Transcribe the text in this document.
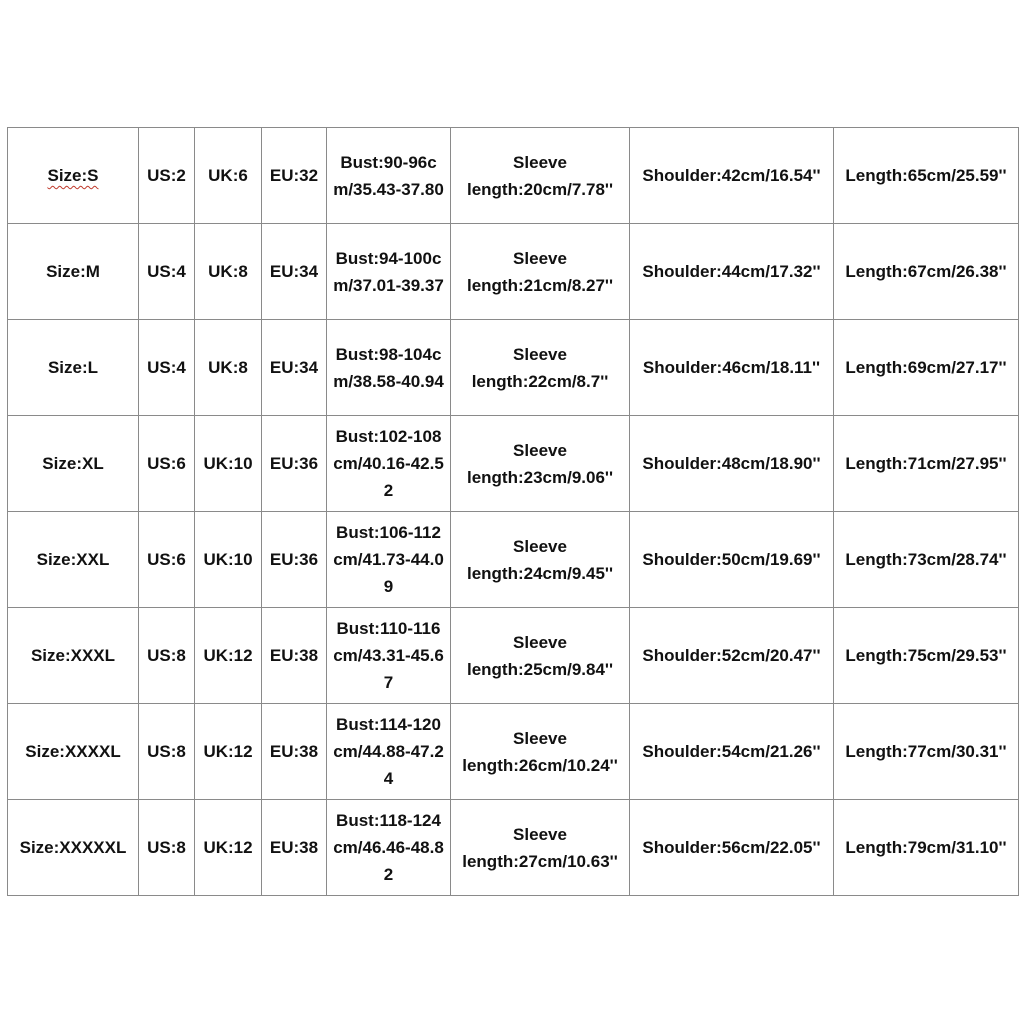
Size:S	US:2	UK:6	EU:32	Bust:90-96cm/35.43-37.80	Sleeve length:20cm/7.78''	Shoulder:42cm/16.54''	Length:65cm/25.59''
Size:M	US:4	UK:8	EU:34	Bust:94-100cm/37.01-39.37	Sleeve length:21cm/8.27''	Shoulder:44cm/17.32''	Length:67cm/26.38''
Size:L	US:4	UK:8	EU:34	Bust:98-104cm/38.58-40.94	Sleeve length:22cm/8.7''	Shoulder:46cm/18.11''	Length:69cm/27.17''
Size:XL	US:6	UK:10	EU:36	Bust:102-108cm/40.16-42.52	Sleeve length:23cm/9.06''	Shoulder:48cm/18.90''	Length:71cm/27.95''
Size:XXL	US:6	UK:10	EU:36	Bust:106-112cm/41.73-44.09	Sleeve length:24cm/9.45''	Shoulder:50cm/19.69''	Length:73cm/28.74''
Size:XXXL	US:8	UK:12	EU:38	Bust:110-116cm/43.31-45.67	Sleeve length:25cm/9.84''	Shoulder:52cm/20.47''	Length:75cm/29.53''
Size:XXXXL	US:8	UK:12	EU:38	Bust:114-120cm/44.88-47.24	Sleeve length:26cm/10.24''	Shoulder:54cm/21.26''	Length:77cm/30.31''
Size:XXXXXL	US:8	UK:12	EU:38	Bust:118-124cm/46.46-48.82	Sleeve length:27cm/10.63''	Shoulder:56cm/22.05''	Length:79cm/31.10''
